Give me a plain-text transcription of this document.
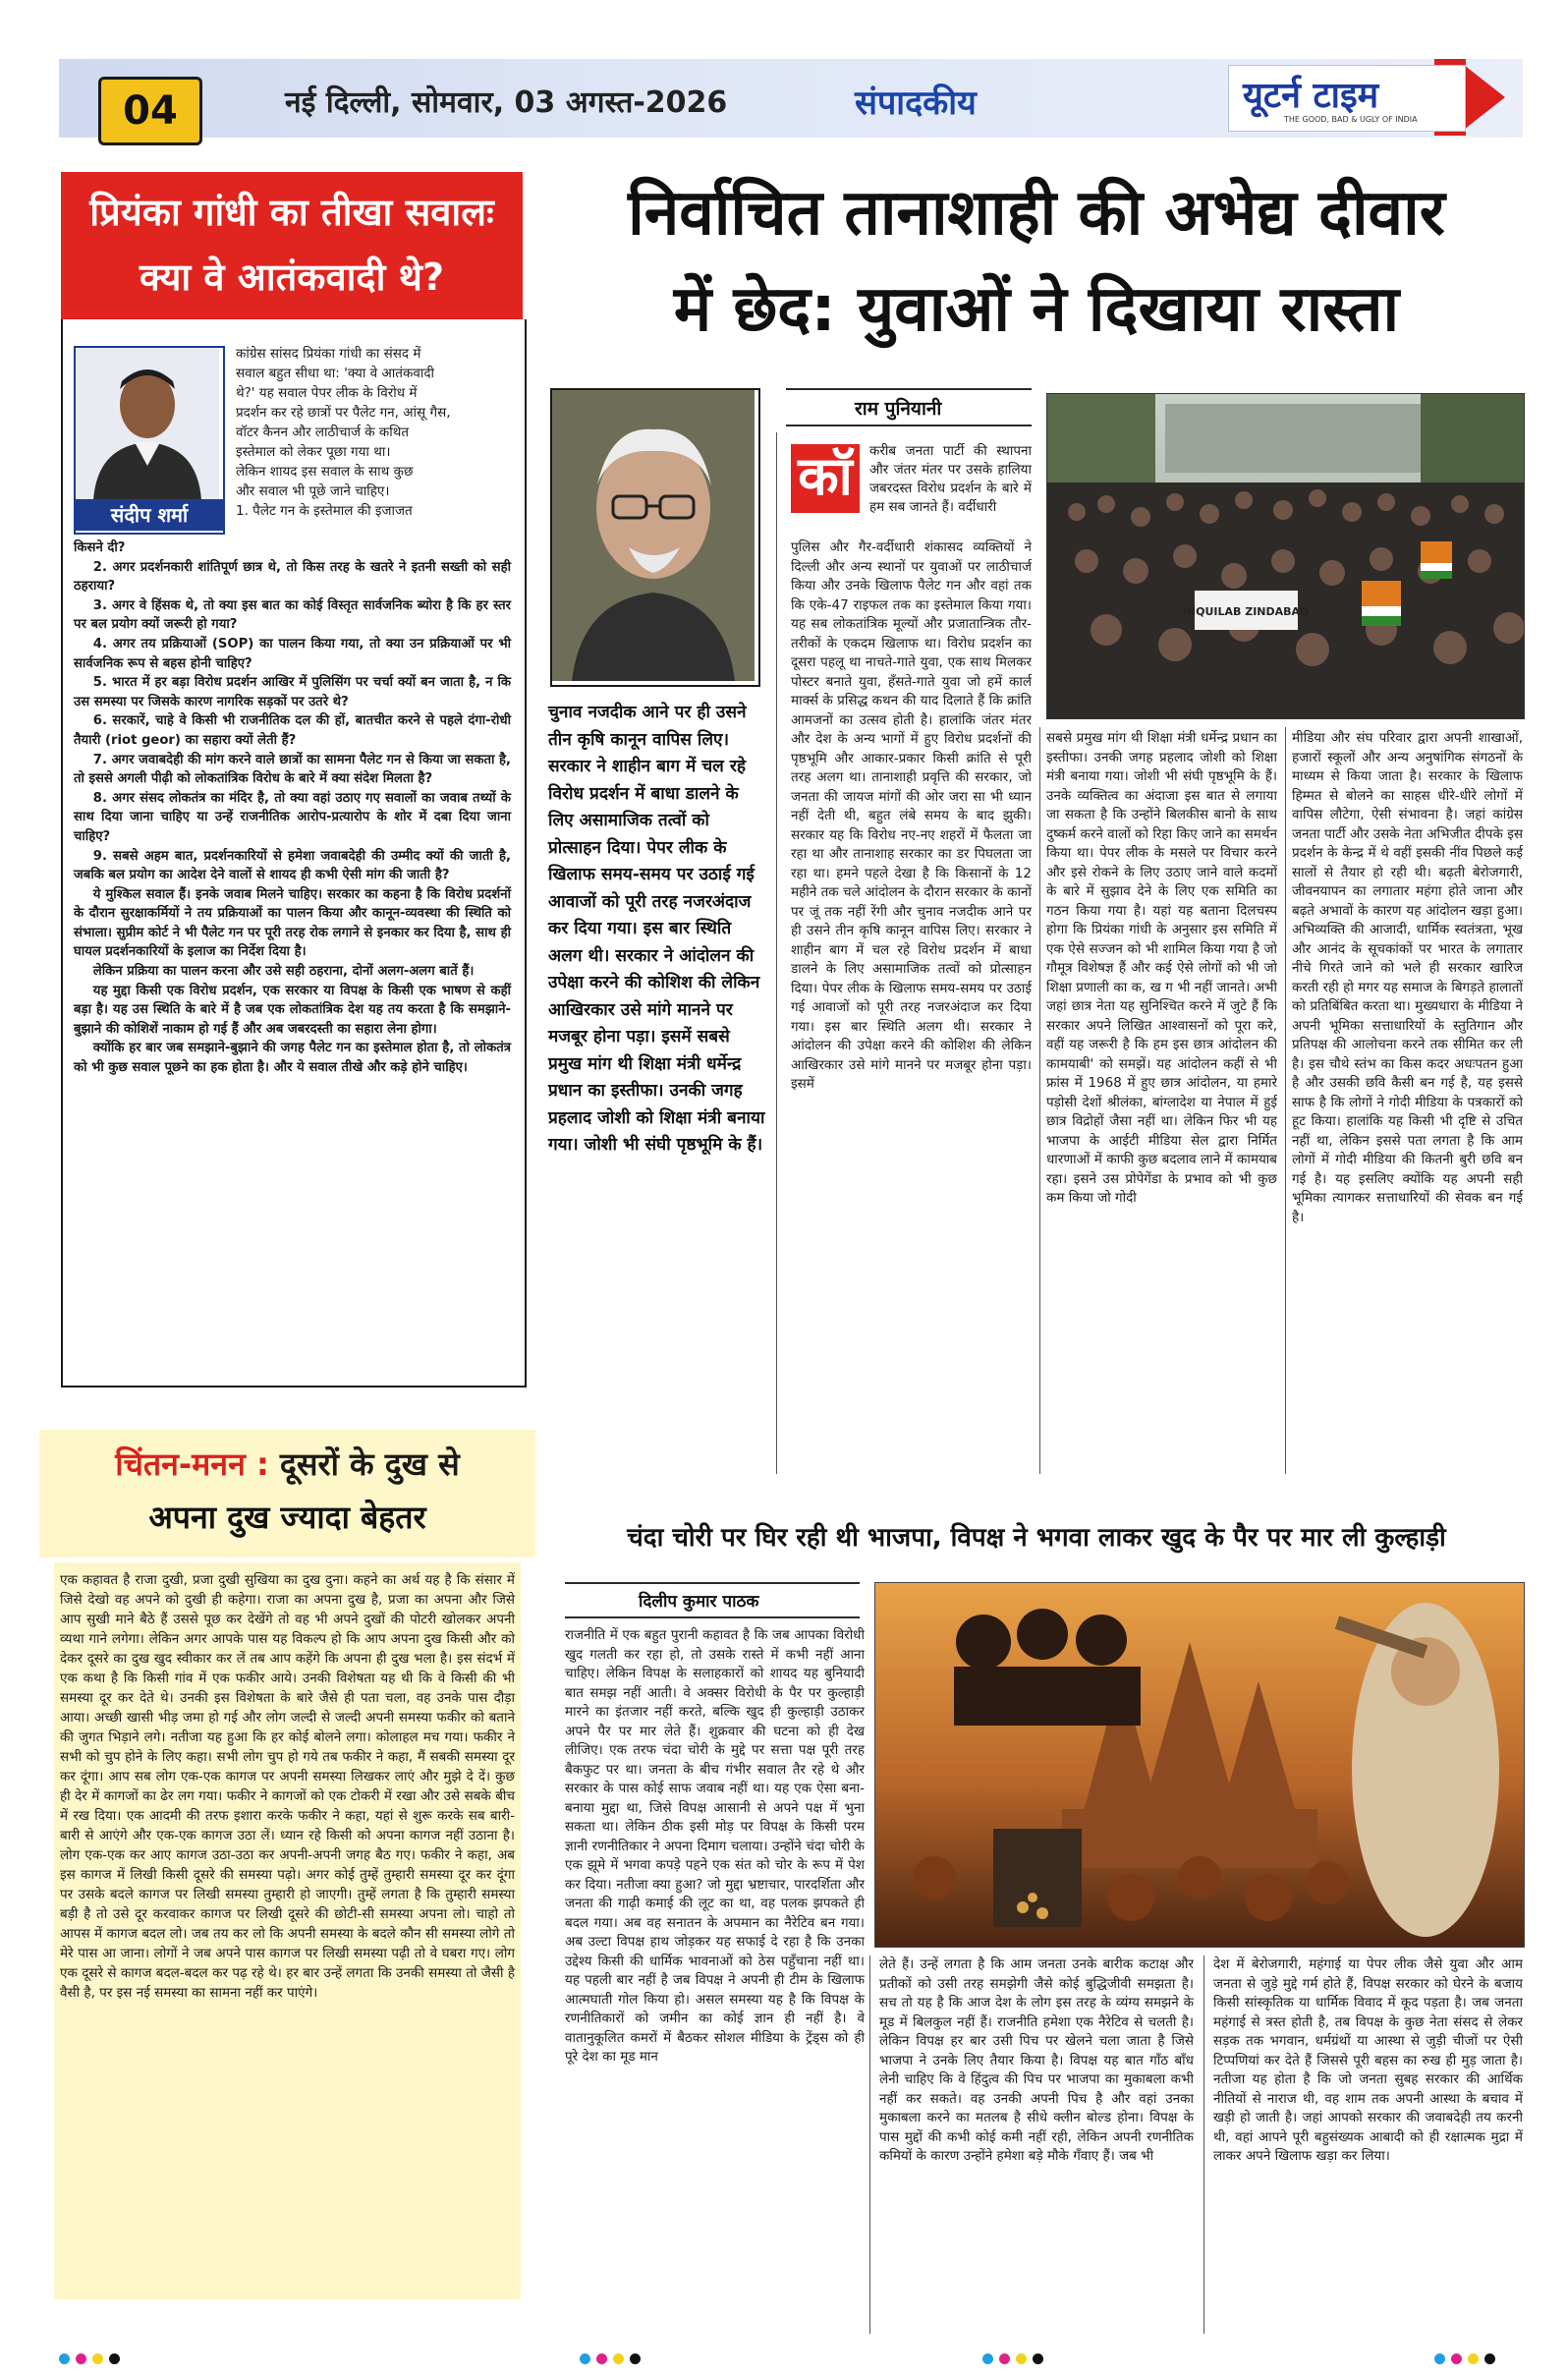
04	नई दिल्ली, सोमवार, 03 अगस्त-2026	संपादकीय	यूटर्न टाइम
THE GOOD, BAD & UGLY OF INDIA
प्रियंका गांधी का तीखा सवालः क्या वे आतंकवादी थे?
संदीप शर्मा
कांग्रेस सांसद प्रियंका गांधी का संसद में
सवाल बहुत सीधा था: 'क्या वे आतंकवादी
थे?' यह सवाल पेपर लीक के विरोध में
प्रदर्शन कर रहे छात्रों पर पैलेट गन, आंसू गैस,
वॉटर कैनन और लाठीचार्ज के कथित
इस्तेमाल को लेकर पूछा गया था।
लेकिन शायद इस सवाल के साथ कुछ
और सवाल भी पूछे जाने चाहिए।
1. पैलेट गन के इस्तेमाल की इजाजत
किसने दी?

2. अगर प्रदर्शनकारी शांतिपूर्ण छात्र थे, तो किस तरह के खतरे ने इतनी सख्ती को सही ठहराया?

3. अगर वे हिंसक थे, तो क्या इस बात का कोई विस्तृत सार्वजनिक ब्योरा है कि हर स्तर पर बल प्रयोग क्यों जरूरी हो गया?

4. अगर तय प्रक्रियाओं (SOP) का पालन किया गया, तो क्या उन प्रक्रियाओं पर भी सार्वजनिक रूप से बहस होनी चाहिए?

5. भारत में हर बड़ा विरोध प्रदर्शन आखिर में पुलिसिंग पर चर्चा क्यों बन जाता है, न कि उस समस्या पर जिसके कारण नागरिक सड़कों पर उतरे थे?

6. सरकारें, चाहे वे किसी भी राजनीतिक दल की हों, बातचीत करने से पहले दंगा-रोधी तैयारी (riot geor) का सहारा क्यों लेती हैं?

7. अगर जवाबदेही की मांग करने वाले छात्रों का सामना पैलेट गन से किया जा सकता है, तो इससे अगली पीढ़ी को लोकतांत्रिक विरोध के बारे में क्या संदेश मिलता है?

8. अगर संसद लोकतंत्र का मंदिर है, तो क्या वहां उठाए गए सवालों का जवाब तथ्यों के साथ दिया जाना चाहिए या उन्हें राजनीतिक आरोप-प्रत्यारोप के शोर में दबा दिया जाना चाहिए?

9. सबसे अहम बात, प्रदर्शनकारियों से हमेशा जवाबदेही की उम्मीद क्यों की जाती है, जबकि बल प्रयोग का आदेश देने वालों से शायद ही कभी ऐसी मांग की जाती है?

ये मुश्किल सवाल हैं। इनके जवाब मिलने चाहिए। सरकार का कहना है कि विरोध प्रदर्शनों के दौरान सुरक्षाकर्मियों ने तय प्रक्रियाओं का पालन किया और कानून-व्यवस्था की स्थिति को संभाला। सुप्रीम कोर्ट ने भी पैलेट गन पर पूरी तरह रोक लगाने से इनकार कर दिया है, साथ ही घायल प्रदर्शनकारियों के इलाज का निर्देश दिया है।

लेकिन प्रक्रिया का पालन करना और उसे सही ठहराना, दोनों अलग-अलग बातें हैं।

यह मुद्दा किसी एक विरोध प्रदर्शन, एक सरकार या विपक्ष के किसी एक भाषण से कहीं बड़ा है। यह उस स्थिति के बारे में है जब एक लोकतांत्रिक देश यह तय करता है कि समझाने-बुझाने की कोशिशें नाकाम हो गई हैं और अब जबरदस्ती का सहारा लेना होगा।

क्योंकि हर बार जब समझाने-बुझाने की जगह पैलेट गन का इस्तेमाल होता है, तो लोकतंत्र को भी कुछ सवाल पूछने का हक होता है। और ये सवाल तीखे और कड़े होने चाहिए।

निर्वाचित तानाशाही की अभेद्य दीवार
में छेद: युवाओं ने दिखाया रास्ता
राम पुनियानी
चुनाव नजदीक आने पर ही उसने तीन कृषि कानून वापिस लिए। सरकार ने शाहीन बाग में चल रहे विरोध प्रदर्शन में बाधा डालने के लिए असामाजिक तत्वों को प्रोत्साहन दिया। पेपर लीक के खिलाफ समय-समय पर उठाई गई आवाजों को पूरी तरह नजरअंदाज कर दिया गया। इस बार स्थिति अलग थी। सरकार ने आंदोलन की उपेक्षा करने की कोशिश की लेकिन आखिरकार उसे मांगे मानने पर मजबूर होना पड़ा। इसमें सबसे प्रमुख मांग थी शिक्षा मंत्री धर्मेन्द्र प्रधान का इस्तीफा। उनकी जगह प्रहलाद जोशी को शिक्षा मंत्री बनाया गया। जोशी भी संघी पृष्ठभूमि के हैं।
कॉ	करीब जनता पार्टी की स्थापना और जंतर मंतर पर उसके हालिया जबरदस्त विरोध प्रदर्शन के बारे में हम सब जानते हैं। वर्दीधारी
पुलिस और गैर-वर्दीधारी शंकासद व्यक्तियों ने दिल्ली और अन्य स्थानों पर युवाओं पर लाठीचार्ज किया और उनके खिलाफ पैलेट गन और वहां तक कि एके-47 राइफल तक का इस्तेमाल किया गया। यह सब लोकतांत्रिक मूल्यों और प्रजातान्त्रिक तौर-तरीकों के एकदम खिलाफ था। विरोध प्रदर्शन का दूसरा पहलू था नाचते-गाते युवा, एक साथ मिलकर पोस्टर बनाते युवा, हँसते-गाते युवा जो हमें कार्ल मार्क्स के प्रसिद्ध कथन की याद दिलाते हैं कि क्रांति आमजनों का उत्सव होती है। हालांकि जंतर मंतर और देश के अन्य भागों में हुए विरोध प्रदर्शनों की पृष्ठभूमि और आकार-प्रकार किसी क्रांति से पूरी तरह अलग था। तानाशाही प्रवृत्ति की सरकार, जो जनता की जायज मांगों की ओर जरा सा भी ध्यान नहीं देती थी, बहुत लंबे समय के बाद झुकी। सरकार यह कि विरोध नए-नए शहरों में फैलता जा रहा था और तानाशाह सरकार का डर पिघलता जा रहा था। हमने पहले देखा है कि किसानों के 12 महीने तक चले आंदोलन के दौरान सरकार के कानों पर जूं तक नहीं रेंगी और चुनाव नजदीक आने पर ही उसने तीन कृषि कानून वापिस लिए। सरकार ने शाहीन बाग में चल रहे विरोध प्रदर्शन में बाधा डालने के लिए असामाजिक तत्वों को प्रोत्साहन दिया। पेपर लीक के खिलाफ समय-समय पर उठाई गई आवाजों को पूरी तरह नजरअंदाज कर दिया गया। इस बार स्थिति अलग थी। सरकार ने आंदोलन की उपेक्षा करने की कोशिश की लेकिन आखिरकार उसे मांगे मानने पर मजबूर होना पड़ा। इसमें
INQUILAB ZINDABAD
सबसे प्रमुख मांग थी शिक्षा मंत्री धर्मेन्द्र प्रधान का इस्तीफा। उनकी जगह प्रहलाद जोशी को शिक्षा मंत्री बनाया गया। जोशी भी संघी पृष्ठभूमि के हैं। उनके व्यक्तित्व का अंदाजा इस बात से लगाया जा सकता है कि उन्होंने बिलकीस बानो के साथ दुष्कर्म करने वालों को रिहा किए जाने का समर्थन किया था। पेपर लीक के मसले पर विचार करने और इसे रोकने के लिए उठाए जाने वाले कदमों के बारे में सुझाव देने के लिए एक समिति का गठन किया गया है। यहां यह बताना दिलचस्प होगा कि प्रियंका गांधी के अनुसार इस समिति में एक ऐसे सज्जन को भी शामिल किया गया है जो गौमूत्र विशेषज्ञ हैं और कई ऐसे लोगों को भी जो शिक्षा प्रणाली का क, ख ग भी नहीं जानते। अभी जहां छात्र नेता यह सुनिश्चित करने में जुटे हैं कि सरकार अपने लिखित आश्वासनों को पूरा करे, वहीं यह जरूरी है कि हम इस छात्र आंदोलन की कामयाबी' को समझें। यह आंदोलन कहीं से भी फ्रांस में 1968 में हुए छात्र आंदोलन, या हमारे पड़ोसी देशों श्रीलंका, बांग्लादेश या नेपाल में हुई छात्र विद्रोहों जैसा नहीं था। लेकिन फिर भी यह भाजपा के आईटी मीडिया सेल द्वारा निर्मित धारणाओं में काफी कुछ बदलाव लाने में कामयाब रहा। इसने उस प्रोपेगेंडा के प्रभाव को भी कुछ कम किया जो गोदी
मीडिया और संघ परिवार द्वारा अपनी शाखाओं, हजारों स्कूलों और अन्य अनुषांगिक संगठनों के माध्यम से किया जाता है। सरकार के खिलाफ हिम्मत से बोलने का साहस धीरे-धीरे लोगों में वापिस लौटेगा, ऐसी संभावना है। जहां कांग्रेस जनता पार्टी और उसके नेता अभिजीत दीपके इस प्रदर्शन के केन्द्र में थे वहीं इसकी नींव पिछले कई सालों से तैयार हो रही थी। बढ़ती बेरोजगारी, जीवनयापन का लगातार महंगा होते जाना और बढ़ते अभावों के कारण यह आंदोलन खड़ा हुआ। अभिव्यक्ति की आजादी, धार्मिक स्वतंत्रता, भूख और आनंद के सूचकांकों पर भारत के लगातार नीचे गिरते जाने को भले ही सरकार खारिज करती रही हो मगर यह समाज के बिगड़ते हालातों को प्रतिबिंबित करता था। मुख्यधारा के मीडिया ने अपनी भूमिका सत्ताधारियों के स्तुतिगान और प्रतिपक्ष की आलोचना करने तक सीमित कर ली है। इस चौथे स्तंभ का किस कदर अधःपतन हुआ है और उसकी छवि कैसी बन गई है, यह इससे साफ है कि लोगों ने गोदी मीडिया के पत्रकारों को हूट किया। हालांकि यह किसी भी दृष्टि से उचित नहीं था, लेकिन इससे पता लगता है कि आम लोगों में गोदी मीडिया की कितनी बुरी छवि बन गई है। यह इसलिए क्योंकि यह अपनी सही भूमिका त्यागकर सत्ताधारियों की सेवक बन गई है।
चिंतन-मनन : दूसरों के दुख से
अपना दुख ज्यादा बेहतर
एक कहावत है राजा दुखी, प्रजा दुखी सुखिया का दुख दुना। कहने का अर्थ यह है कि संसार में जिसे देखो वह अपने को दुखी ही कहेगा। राजा का अपना दुख है, प्रजा का अपना और जिसे आप सुखी माने बैठे हैं उससे पूछ कर देखेंगे तो वह भी अपने दुखों की पोटरी खोलकर अपनी व्यथा गाने लगेगा। लेकिन अगर आपके पास यह विकल्प हो कि आप अपना दुख किसी और को देकर दूसरे का दुख खुद स्वीकार कर लें तब आप कहेंगे कि अपना ही दुख भला है। इस संदर्भ में एक कथा है कि किसी गांव में एक फकीर आये। उनकी विशेषता यह थी कि वे किसी की भी समस्या दूर कर देते थे। उनकी इस विशेषता के बारे जैसे ही पता चला, वह उनके पास दौड़ा आया। अच्छी खासी भीड़ जमा हो गई और लोग जल्दी से जल्दी अपनी समस्या फकीर को बताने की जुगत भिड़ाने लगे। नतीजा यह हुआ कि हर कोई बोलने लगा। कोलाहल मच गया। फकीर ने सभी को चुप होने के लिए कहा। सभी लोग चुप हो गये तब फकीर ने कहा, मैं सबकी समस्या दूर कर दूंगा। आप सब लोग एक-एक कागज पर अपनी समस्या लिखकर लाएं और मुझे दे दें। कुछ ही देर में कागजों का ढेर लग गया। फकीर ने कागजों को एक टोकरी में रखा और उसे सबके बीच में रख दिया। एक आदमी की तरफ इशारा करके फकीर ने कहा, यहां से शुरू करके सब बारी-बारी से आएंगे और एक-एक कागज उठा लें। ध्यान रहे किसी को अपना कागज नहीं उठाना है। लोग एक-एक कर आए कागज उठा-उठा कर अपनी-अपनी जगह बैठ गए। फकीर ने कहा, अब इस कागज में लिखी किसी दूसरे की समस्या पढ़ो। अगर कोई तुम्हें तुम्हारी समस्या दूर कर दूंगा पर उसके बदले कागज पर लिखी समस्या तुम्हारी हो जाएगी। तुम्हें लगता है कि तुम्हारी समस्या बड़ी है तो उसे दूर करवाकर कागज पर लिखी दूसरे की छोटी-सी समस्या अपना लो। चाहो तो आपस में कागज बदल लो। जब तय कर लो कि अपनी समस्या के बदले कौन सी समस्या लोगे तो मेरे पास आ जाना। लोगों ने जब अपने पास कागज पर लिखी समस्या पढ़ी तो वे घबरा गए। लोग एक दूसरे से कागज बदल-बदल कर पढ़ रहे थे। हर बार उन्हें लगता कि उनकी समस्या तो जैसी है वैसी है, पर इस नई समस्या का सामना नहीं कर पाएंगे।
चंदा चोरी पर घिर रही थी भाजपा, विपक्ष ने भगवा लाकर खुद के पैर पर मार ली कुल्हाड़ी
दिलीप कुमार पाठक
राजनीति में एक बहुत पुरानी कहावत है कि जब आपका विरोधी खुद गलती कर रहा हो, तो उसके रास्ते में कभी नहीं आना चाहिए। लेकिन विपक्ष के सलाहकारों को शायद यह बुनियादी बात समझ नहीं आती। वे अक्सर विरोधी के पैर पर कुल्हाड़ी मारने का इंतजार नहीं करते, बल्कि खुद ही कुल्हाड़ी उठाकर अपने पैर पर मार लेते हैं। शुक्रवार की घटना को ही देख लीजिए। एक तरफ चंदा चोरी के मुद्दे पर सत्ता पक्ष पूरी तरह बैकफुट पर था। जनता के बीच गंभीर सवाल तैर रहे थे और सरकार के पास कोई साफ जवाब नहीं था। यह एक ऐसा बना-बनाया मुद्दा था, जिसे विपक्ष आसानी से अपने पक्ष में भुना सकता था। लेकिन ठीक इसी मोड़ पर विपक्ष के किसी परम ज्ञानी रणनीतिकार ने अपना दिमाग चलाया। उन्होंने चंदा चोरी के एक झूमे में भगवा कपड़े पहने एक संत को चोर के रूप में पेश कर दिया। नतीजा क्या हुआ? जो मुद्दा भ्रष्टाचार, पारदर्शिता और जनता की गाढ़ी कमाई की लूट का था, वह पलक झपकते ही बदल गया। अब वह सनातन के अपमान का नैरेटिव बन गया। अब उल्टा विपक्ष हाथ जोड़कर यह सफाई दे रहा है कि उनका उद्देश्य किसी की धार्मिक भावनाओं को ठेस पहुँचाना नहीं था। यह पहली बार नहीं है जब विपक्ष ने अपनी ही टीम के खिलाफ आत्मघाती गोल किया हो। असल समस्या यह है कि विपक्ष के रणनीतिकारों को जमीन का कोई ज्ञान ही नहीं है। वे वातानुकूलित कमरों में बैठकर सोशल मीडिया के ट्रेंड्स को ही पूरे देश का मूड मान
लेते हैं। उन्हें लगता है कि आम जनता उनके बारीक कटाक्ष और प्रतीकों को उसी तरह समझेगी जैसे कोई बुद्धिजीवी समझता है। सच तो यह है कि आज देश के लोग इस तरह के व्यंग्य समझने के मूड में बिलकुल नहीं हैं। राजनीति हमेशा एक नैरेटिव से चलती है। लेकिन विपक्ष हर बार उसी पिच पर खेलने चला जाता है जिसे भाजपा ने उनके लिए तैयार किया है। विपक्ष यह बात गाँठ बाँध लेनी चाहिए कि वे हिंदुत्व की पिच पर भाजपा का मुकाबला कभी नहीं कर सकते। वह उनकी अपनी पिच है और वहां उनका मुकाबला करने का मतलब है सीधे क्लीन बोल्ड होना। विपक्ष के पास मुद्दों की कभी कोई कमी नहीं रही, लेकिन अपनी रणनीतिक कमियों के कारण उन्होंने हमेशा बड़े मौके गँवाए हैं। जब भी
देश में बेरोजगारी, महंगाई या पेपर लीक जैसे युवा और आम जनता से जुड़े मुद्दे गर्म होते हैं, विपक्ष सरकार को घेरने के बजाय किसी सांस्कृतिक या धार्मिक विवाद में कूद पड़ता है। जब जनता महंगाई से त्रस्त होती है, तब विपक्ष के कुछ नेता संसद से लेकर सड़क तक भगवान, धर्मग्रंथों या आस्था से जुड़ी चीजों पर ऐसी टिप्पणियां कर देते हैं जिससे पूरी बहस का रुख ही मुड़ जाता है। नतीजा यह होता है कि जो जनता सुबह सरकार की आर्थिक नीतियों से नाराज थी, वह शाम तक अपनी आस्था के बचाव में खड़ी हो जाती है। जहां आपको सरकार की जवाबदेही तय करनी थी, वहां आपने पूरी बहुसंख्यक आबादी को ही रक्षात्मक मुद्रा में लाकर अपने खिलाफ खड़ा कर लिया।
